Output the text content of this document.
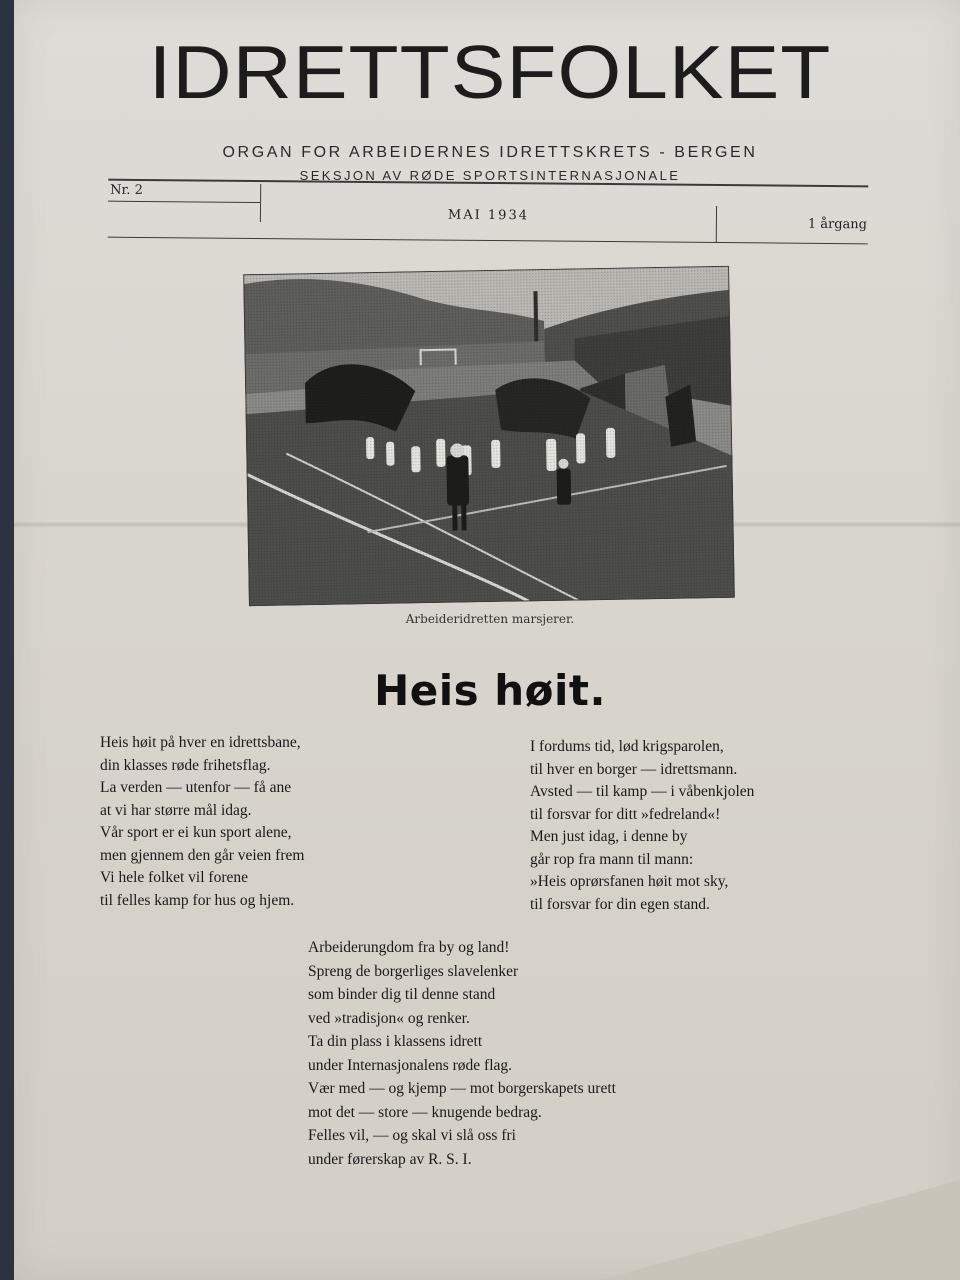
IDRETTSFOLKET
ORGAN FOR ARBEIDERNES IDRETTSKRETS - BERGEN
SEKSJON AV RØDE SPORTSINTERNASJONALE
Nr. 2
MAI 1934
1 årgang
Arbeideridretten marsjerer.
Heis høit.
Heis høit på hver en idrettsbane,
din klasses røde frihetsflag.
La verden — utenfor — få ane
at vi har større mål idag.
Vår sport er ei kun sport alene,
men gjennem den går veien frem
Vi hele folket vil forene
til felles kamp for hus og hjem.
I fordums tid, lød krigsparolen,
til hver en borger — idrettsmann.
Avsted — til kamp — i våbenkjolen
til forsvar for ditt »fedreland«!
Men just idag, i denne by
går rop fra mann til mann:
»Heis oprørsfanen høit mot sky,
til forsvar for din egen stand.
Arbeiderungdom fra by og land!
Spreng de borgerliges slavelenker
som binder dig til denne stand
ved »tradisjon« og renker.
Ta din plass i klassens idrett
under Internasjonalens røde flag.
Vær med — og kjemp — mot borgerskapets urett
mot det — store — knugende bedrag.
Felles vil, — og skal vi slå oss fri
under førerskap av R. S. I.
